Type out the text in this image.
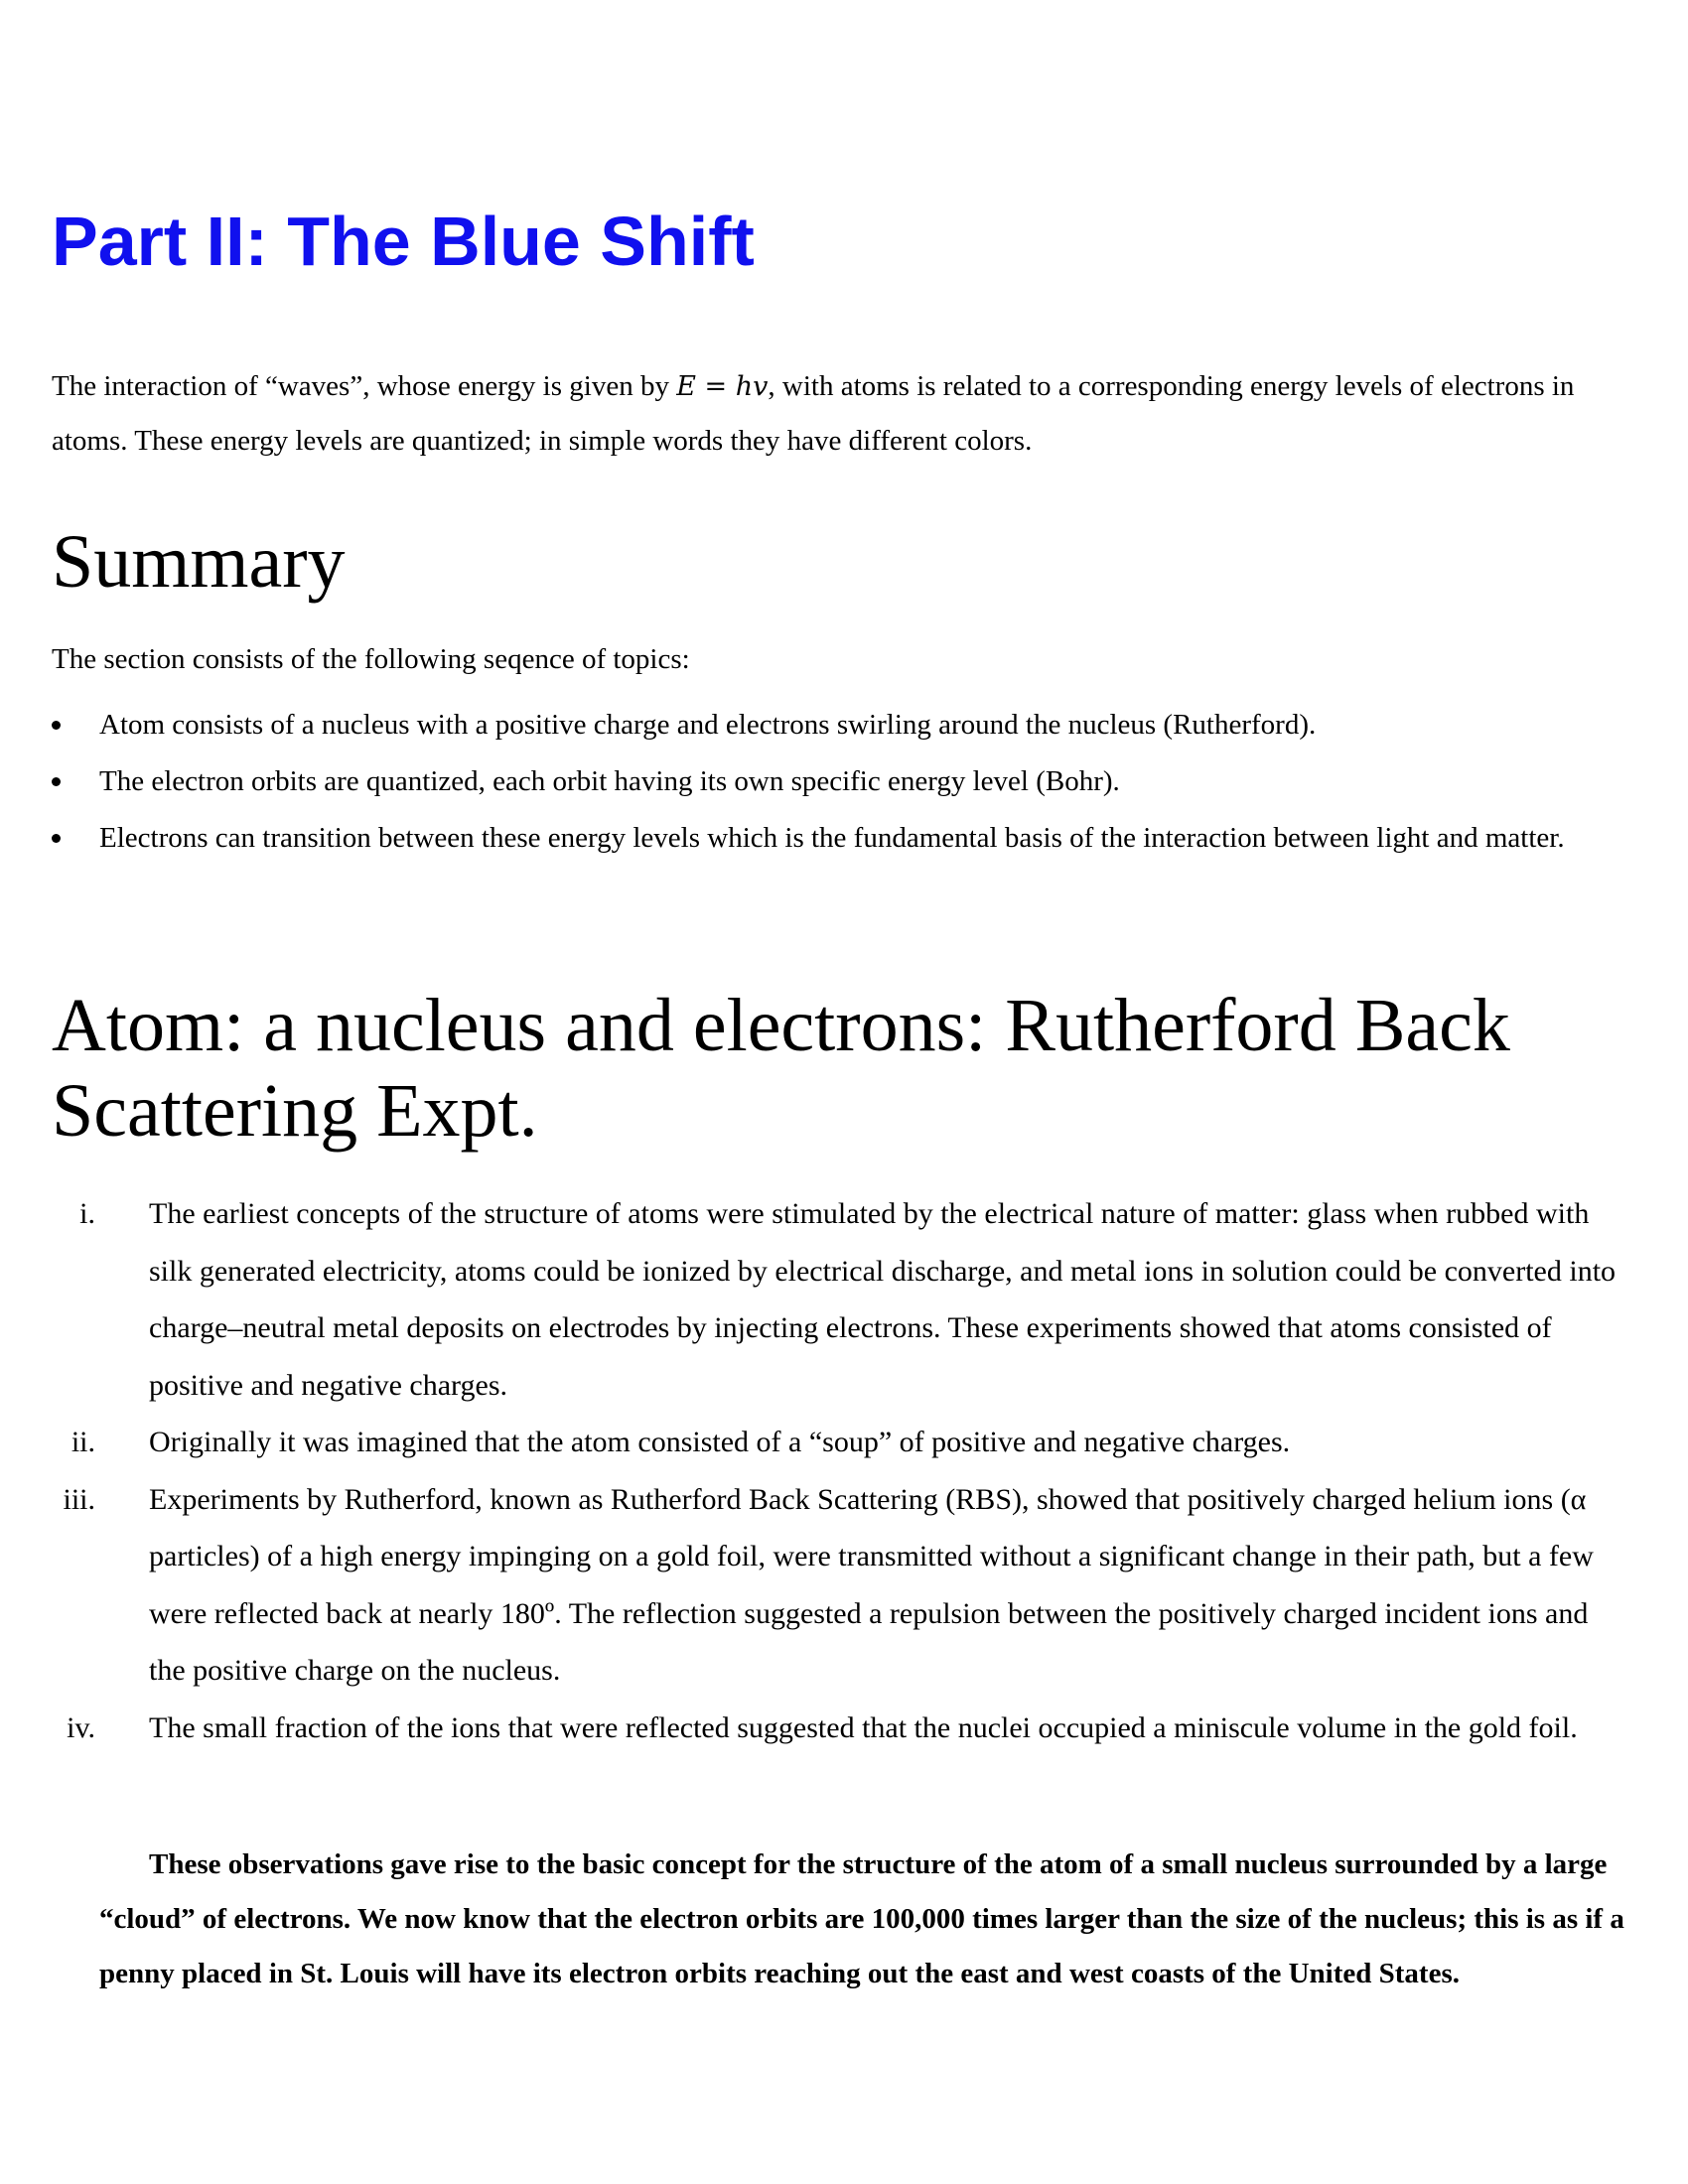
Part II: The Blue Shift

The interaction of “waves”, whose energy is given by E = hv, with atoms is related to a corresponding energy levels of electrons in atoms. These energy levels are quantized; in simple words they have different colors.

Summary

The section consists of the following seqence of topics:

Atom consists of a nucleus with a positive charge and electrons swirling around the nucleus (Rutherford).
The electron orbits are quantized, each orbit having its own specific energy level (Bohr).
Electrons can transition between these energy levels which is the fundamental basis of the interaction between light and matter.
Atom: a nucleus and electrons: Rutherford Back Scattering Expt.
i. The earliest concepts of the structure of atoms were stimulated by the electrical nature of matter: glass when rubbed with silk generated electricity, atoms could be ionized by electrical discharge, and metal ions in solution could be converted into charge–neutral metal deposits on electrodes by injecting electrons. These experiments showed that atoms consisted of positive and negative charges.
ii. Originally it was imagined that the atom consisted of a “soup” of positive and negative charges.
iii. Experiments by Rutherford, known as Rutherford Back Scattering (RBS), showed that positively charged helium ions (α particles) of a high energy impinging on a gold foil, were transmitted without a significant change in their path, but a few were reflected back at nearly 180º. The reflection suggested a repulsion between the positively charged incident ions and the positive charge on the nucleus.
iv. The small fraction of the ions that were reflected suggested that the nuclei occupied a miniscule volume in the gold foil.

These observations gave rise to the basic concept for the structure of the atom of a small nucleus surrounded by a large “cloud” of electrons. We now know that the electron orbits are 100,000 times larger than the size of the nucleus; this is as if a penny placed in St. Louis will have its electron orbits reaching out the east and west coasts of the United States.
